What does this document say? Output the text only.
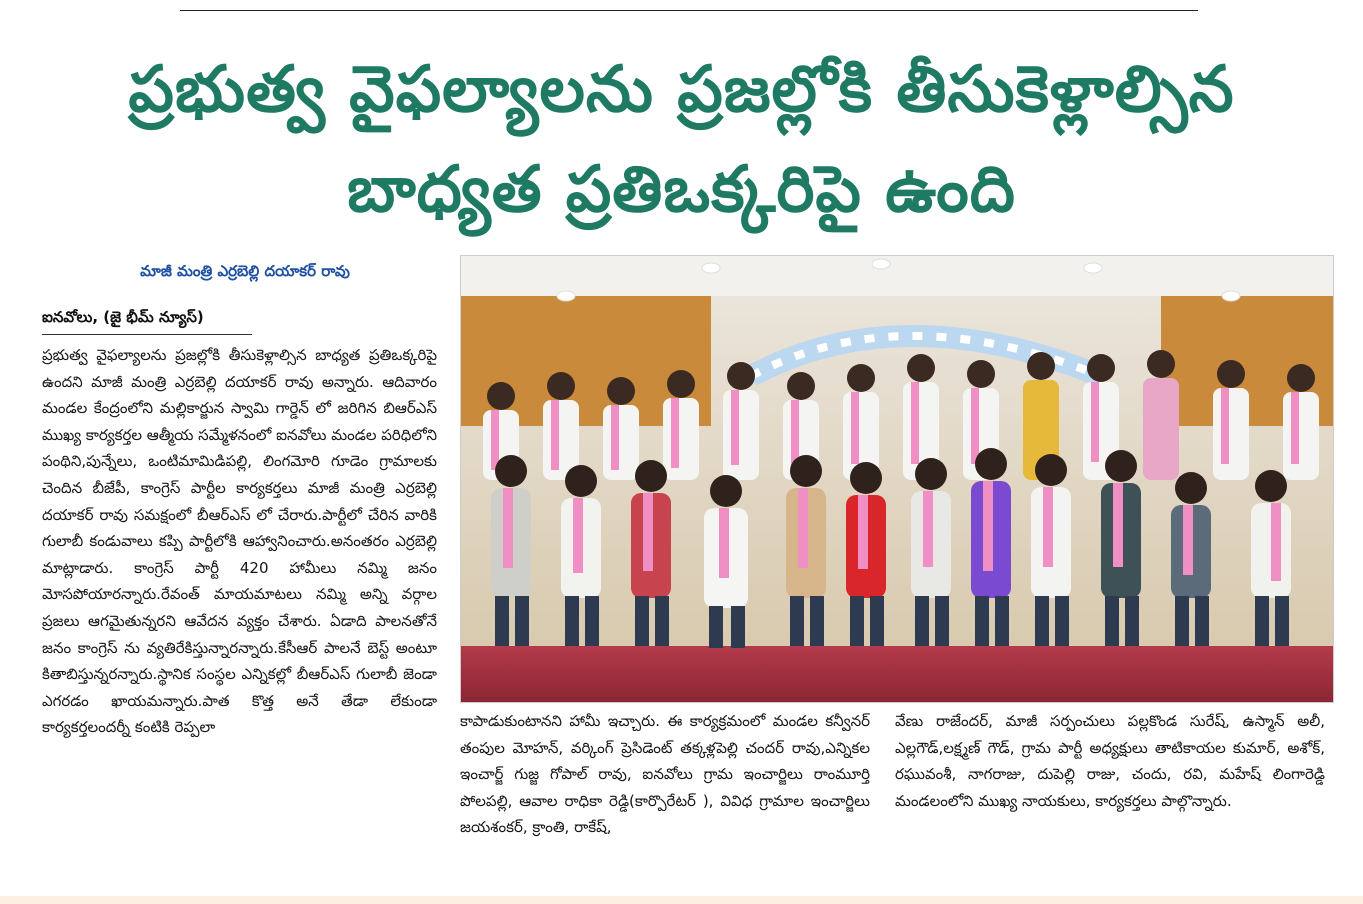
ప్రభుత్వ వైఫల్యాలను ప్రజల్లోకి తీసుకెళ్లాల్సిన
బాధ్యత ప్రతిఒక్కరిపై ఉంది
మాజీ మంత్రి ఎర్రబెల్లి దయాకర్ రావు
ఐనవోలు, (జై భీమ్ న్యూస్)
ప్రభుత్వ వైఫల్యాలను ప్రజల్లోకి తీసుకెళ్లాల్సిన బాధ్యత ప్రతిఒక్కరిపై ఉందని మాజీ మంత్రి ఎర్రబెల్లి దయాకర్ రావు అన్నారు. ఆదివారం మండల కేంద్రంలోని మల్లికార్జున స్వామి గార్డెన్ లో జరిగిన బిఆర్ఎస్ ముఖ్య కార్యకర్తల ఆత్మీయ సమ్మేళనంలో ఐనవోలు మండల పరిధిలోని పంథిని,పున్నేలు, ఒంటిమామిడిపల్లి, లింగమోరి గూడెం గ్రామాలకు చెందిన బీజేపీ, కాంగ్రెస్ పార్టీల కార్యకర్తలు మాజీ మంత్రి ఎర్రబెల్లి దయాకర్ రావు సమక్షంలో బీఆర్ఎస్ లో చేరారు.పార్టీలో చేరిన వారికి గులాబీ కండువాలు కప్పి పార్టీలోకి ఆహ్వానించారు.అనంతరం ఎర్రబెల్లి మాట్లాడారు. కాంగ్రెస్ పార్టీ 420 హామీలు నమ్మి జనం మోసపోయారన్నారు.రేవంత్ మాయమాటలు నమ్మి అన్ని వర్గాల ప్రజలు ఆగమైతున్నరని ఆవేదన వ్యక్తం చేశారు. ఏడాది పాలనతోనే జనం కాంగ్రెస్ ను వ్యతిరేకిస్తున్నారన్నారు.కేసీఆర్ పాలనే బెస్ట్ అంటూ కితాబిస్తున్నరన్నారు.స్థానిక సంస్థల ఎన్నికల్లో బీఆర్ఎస్ గులాబీ జెండా ఎగరడం ఖాయమన్నారు.పాత కొత్త అనే తేడా లేకుండా కార్యకర్తలందర్నీ కంటికి రెప్పలా	కాపాడుకుంటానని హామీ ఇచ్చారు. ఈ కార్యక్రమంలో మండల కన్వీనర్ తంపుల మోహన్, వర్కింగ్ ప్రెసిడెంట్ తక్కళ్లపెల్లి చందర్ రావు,ఎన్నికల ఇంచార్జ్ గుజ్జ గోపాల్ రావు, ఐనవోలు గ్రామ ఇంచార్జిలు రాంమూర్తి పోలపల్లి, ఆవాల రాధికా రెడ్డి(కార్పొరేటర్ ), వివిధ గ్రామాల ఇంచార్జిలు జయశంకర్, క్రాంతి, రాకేష్,
వేణు రాజేందర్, మాజీ సర్పంచులు పల్లకొండ సురేష్, ఉస్మాన్ అలీ, ఎల్లగౌడ్,లక్ష్మణ్ గౌడ్, గ్రామ పార్టీ అధ్యక్షులు తాటికాయల కుమార్, అశోక్, రఘువంశీ, నాగరాజు, దుపెల్లి రాజు, చందు, రవి, మహేష్ లింగారెడ్డి మండలంలోని ముఖ్య నాయకులు, కార్యకర్తలు పాల్గొన్నారు.
